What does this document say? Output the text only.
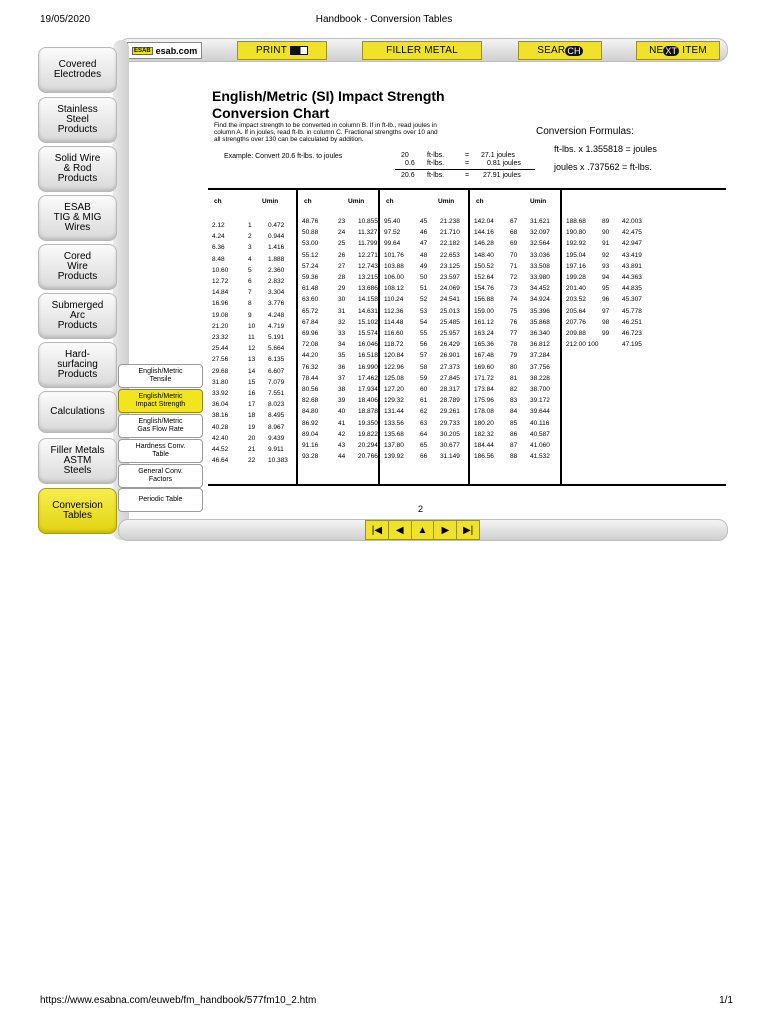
19/05/2020	Handbook - Conversion Tables
ESAB esab.com	PRINT
	FILLER METAL	SEAR CH	NE XT ITEM
Covered
Electrodes
Stainless
Steel
Products
Solid Wire
& Rod
Products
ESAB
TIG & MIG
Wires
Cored
Wire
Products
Submerged
Arc
Products
Hard-
surfacing
Products
Calculations
Filler Metals
ASTM
Steels
Conversion
Tables
English/Metric
Tensile
English/Metric
Impact Strength
English/Metric
Gas Flow Rate
Hardness Conv.
Table
General Conv.
Factors
Periodic Table
English/Metric (SI) Impact Strength
Conversion Chart
Find the impact strength to be converted in column B. If in ft-lb., read joules in column A. If in joules, read ft-lb. in column C. Fractional strengths over 10 and all strengths over 130 can be calculated by addition.
Example: Convert 20.6 ft-lbs. to joules	20	ft-lbs.	= 27.1 joules
0.6 ft-lbs.	=	0.81 joules
20.6 ft-lbs.	= 27.91 joules
Conversion Formulas:
ft-lbs. x 1.355818 = joules
joules x .737562 = ft-lbs.
ch	Umin
2.12	1	0.472
4.24	2	0.944
6.36	3	1.416
8.48	4	1.888
10.60	5	2.360
12.72	6	2.832
14.84	7	3.304
16.96	8	3.776
19.08	9	4.248
21.20	10 4.719
23.32	11 5.191
25.44	12 5.664
27.56	13 6.135
29.68	14 6.607
31.80	15 7.079
33.92	16 7.551
36.04	17 8.023
38.16	18 8.495
40.28	19 8.967
42.40	20 9.439
44.52	21 9.911
46.64	22 10.383
ch	Umin
48.76	23 10.855
50.88	24 11.327
53.00	25 11.799
55.12	26 12.271
57.24	27 12.743
59.36	28 13.215
61.48	29 13.686
63.60	30 14.158
65.72	31 14.631
67.84	32 15.102
69.96	33 15.574
72.08	34 16.046
44.20	35 16.518
76.32	36 16.990
78.44	37 17.462
80.56	38 17.934
82.68	39 18.406
84.80	40 18.878
86.92	41 19.350
89.04	42 19.822
91.16	43 20.294
93.28	44 20.766
ch	Umin
95.40	45 21.238
97.52	46 21.710
99.64	47 22.182
101.76 48 22.653
103.88 49 23.125
106.00 50 23.597
108.12 51 24.069
110.24	52 24.541
112.36	53 25.013
114.48	54 25.485
116.60	55 25.957
118.72	56 26.429
120.84 57 26.901
122.96 58 27.373
125.08 59 27.845
127.20 60 28.317
129.32 61 28.789
131.44 62 29.261
133.56 63 29.733
135.68 64 30.205
137.80 65 30.677
139.92 66 31.149
ch	Umin
142.04 67 31.621
144.16 68 32.097
146.28 69 32.564
148.40 70 33.036
150.52 71 33.508
152.64 72 33.980
154.76 73 34.452
156.88 74 34.924
159.00 75 35.396
161.12 76 35.868
163.24 77 36.340
165.36 78 36.812
167.48 79 37.284
169.60 80 37.756
171.72 81 38.228
173.84 82 38.700
175.96 83 39.172
178.08 84 39.644
180.20 85 40.116
182.32 86 40.587
184.44 87 41.060
186.56 88 41.532
188.68 89 42.003
190.80 90 42.475
192.92 91 42.947
195.04 92 43.419
197.16 93 43.891
199.28 94 44.363
201.40 95 44.835
203.52 96 45.307
205.64 97 45.778
207.76 98 46.251
209.88 99 46.723
212.00 100	47.195
2
|◀	◀	▲	▶	▶|
https://www.esabna.com/euweb/fm_handbook/577fm10_2.htm	1/1
